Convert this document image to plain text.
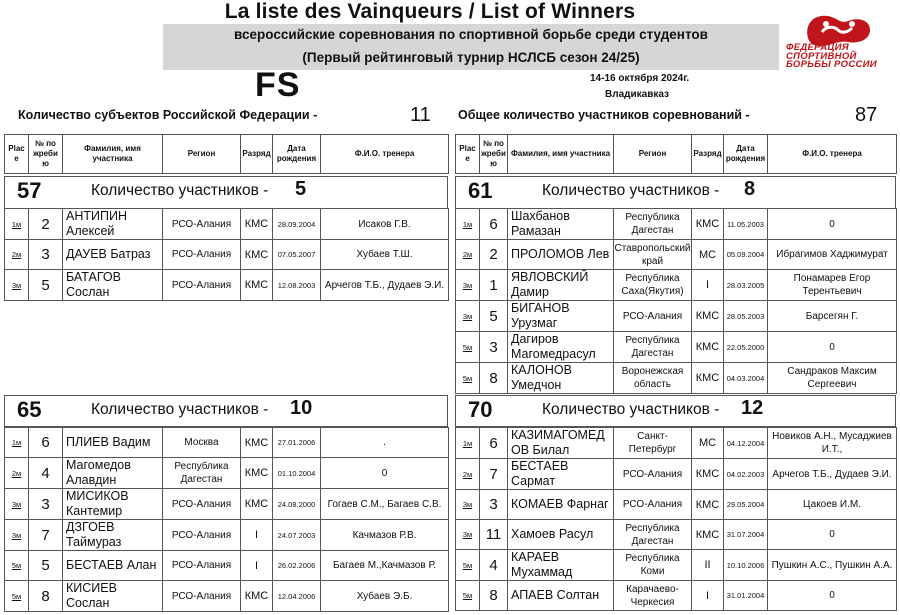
La liste des Vainqueurs / List of Winners
всероссийские соревнования по спортивной борьбе среди студентов
(Первый рейтинговый турнир НСЛСБ сезон 24/25)
FS	14-16 октября 2024г.
Владикавказ
ФЕДЕРАЦИЯ
СПОРТИВНОЙ
БОРЬБЫ РОССИИ
Количество субъектов Российской Федерации -	11 Общее количество участников соревнований -	87
Plac e	№ по жреби ю	Фамилия, имя участника	Регион	Разряд	Дата рождения	Ф.И.О. тренера
57	Количество участников - 5
1м	2	АНТИПИН Алексей	РСО-Алания	КМС	28.09.2004	Исаков Г.В.
2м	3	ДАУЕВ Батраз	РСО-Алания	КМС	07.05.2007	Хубаев Т.Ш.
3м	5	БАТАГОВ Сослан	РСО-Алания	КМС	12.08.2003	Арчегов Т.Б., Дудаев Э.И.
Plac e	№ по жреби ю	Фамилия, имя участника	Регион	Разряд	Дата рождения	Ф.И.О. тренера
61	Количество участников - 8
1м	6	Шахбанов Рамазан	Республика Дагестан	КМС	11.05.2003	0
2м	2	ПРОЛОМОВ Лев	Ставропольский край	МС	05.09.2004	Ибрагимов Хаджимурат
3м	1	ЯВЛОВСКИЙ Дамир	Республика Саха(Якутия)	I	28.03.2005	Понамарев Егор Терентьевич
3м	5	БИГАНОВ Урузмаг	РСО-Алания	КМС	28.05.2003	Барсегян Г.
5м	3	Дагиров Магомедрасул	Республика Дагестан	КМС	22.05.2000	0
5м	8	КАЛОНОВ Умедчон	Воронежская область	КМС	04.03.2004	Сандраков Максим Сергеевич
65	Количество участников - 10
1м	6	ПЛИЕВ Вадим	Москва	КМС	27.01.2006	.
2м	4	Магомедов Алавдин	Республика Дагестан	КМС	01.10.2004	0
3м	3	МИСИКОВ Кантемир	РСО-Алания	КМС	24.08.2000	Гогаев С.М., Багаев С.В.
3м	7	ДЗГОЕВ Таймураз	РСО-Алания	I	24.07.2003	Качмазов Р.В.
5м	5	БЕСТАЕВ Алан	РСО-Алания	I	26.02.2006	Багаев М.,Качмазов Р.
5м	8	КИСИЕВ Сослан	РСО-Алания	КМС	12.04.2006	Хубаев Э.Б.
70	Количество участников - 12
1м	6	КАЗИМАГОМЕД ОВ Билал	Санкт-Петербург	МС	04.12.2004	Новиков А.Н., Мусаджиев И.Т.,
2м	7	БЕСТАЕВ Сармат	РСО-Алания	КМС	04.02.2003	Арчегов Т.Б., Дудаев Э.И.
3м	3	КОМАЕВ Фарнаг	РСО-Алания	КМС	29.05.2004	Цакоев И.М.
3м	11	Хамоев Расул	Республика Дагестан	КМС	31.07.2004	0
5м	4	КАРАЕВ Мухаммад	Республика Коми	II	10.10.2006	Пушкин А.С., Пушкин А.А.
5м	8	АПАЕВ Солтан	Карачаево-Черкесия	I	31.01.2004	0
